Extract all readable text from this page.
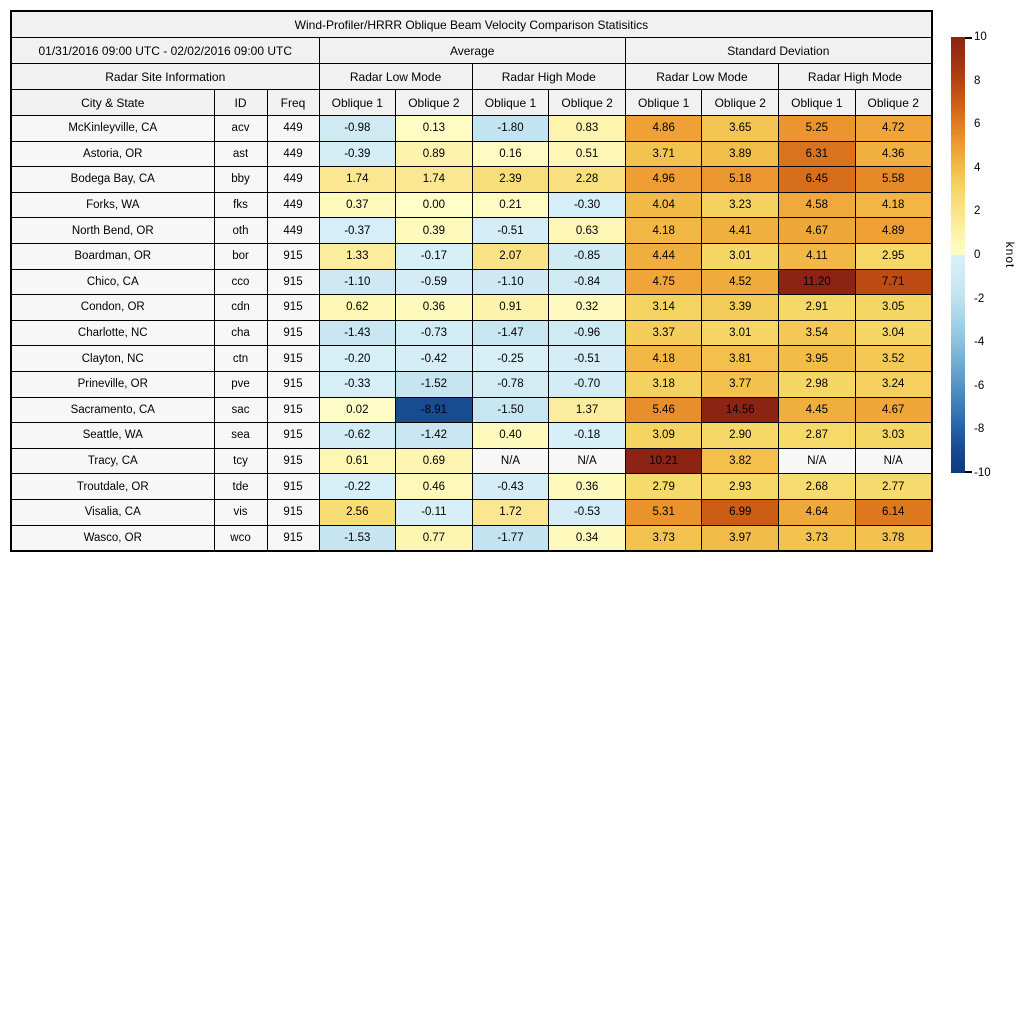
Wind-Profiler/HRRR Oblique Beam Velocity Comparison Statisitics										
01/31/2016 09:00 UTC - 02/02/2016 09:00 UTC			Average				Standard Deviation			
Radar Site Information			Radar Low Mode		Radar High Mode		Radar Low Mode		Radar High Mode	
City & State	ID	Freq	Oblique 1	Oblique 2	Oblique 1	Oblique 2	Oblique 1	Oblique 2	Oblique 1	Oblique 2
McKinleyville, CA	acv	449	-0.98	0.13	-1.80	0.83	4.86	3.65	5.25	4.72
Astoria, OR	ast	449	-0.39	0.89	0.16	0.51	3.71	3.89	6.31	4.36
Bodega Bay, CA	bby	449	1.74	1.74	2.39	2.28	4.96	5.18	6.45	5.58
Forks, WA	fks	449	0.37	0.00	0.21	-0.30	4.04	3.23	4.58	4.18
North Bend, OR	oth	449	-0.37	0.39	-0.51	0.63	4.18	4.41	4.67	4.89
Boardman, OR	bor	915	1.33	-0.17	2.07	-0.85	4.44	3.01	4.11	2.95
Chico, CA	cco	915	-1.10	-0.59	-1.10	-0.84	4.75	4.52	11.20	7.71
Condon, OR	cdn	915	0.62	0.36	0.91	0.32	3.14	3.39	2.91	3.05
Charlotte, NC	cha	915	-1.43	-0.73	-1.47	-0.96	3.37	3.01	3.54	3.04
Clayton, NC	ctn	915	-0.20	-0.42	-0.25	-0.51	4.18	3.81	3.95	3.52
Prineville, OR	pve	915	-0.33	-1.52	-0.78	-0.70	3.18	3.77	2.98	3.24
Sacramento, CA	sac	915	0.02	-8.91	-1.50	1.37	5.46	14.56	4.45	4.67
Seattle, WA	sea	915	-0.62	-1.42	0.40	-0.18	3.09	2.90	2.87	3.03
Tracy, CA	tcy	915	0.61	0.69	N/A	N/A	10.21	3.82	N/A	N/A
Troutdale, OR	tde	915	-0.22	0.46	-0.43	0.36	2.79	2.93	2.68	2.77
Visalia, CA	vis	915	2.56	-0.11	1.72	-0.53	5.31	6.99	4.64	6.14
Wasco, OR	wco	915	-1.53	0.77	-1.77	0.34	3.73	3.97	3.73	3.78
10
8
6
4
2
0
-2
-4
-6
-8
-10
knot
